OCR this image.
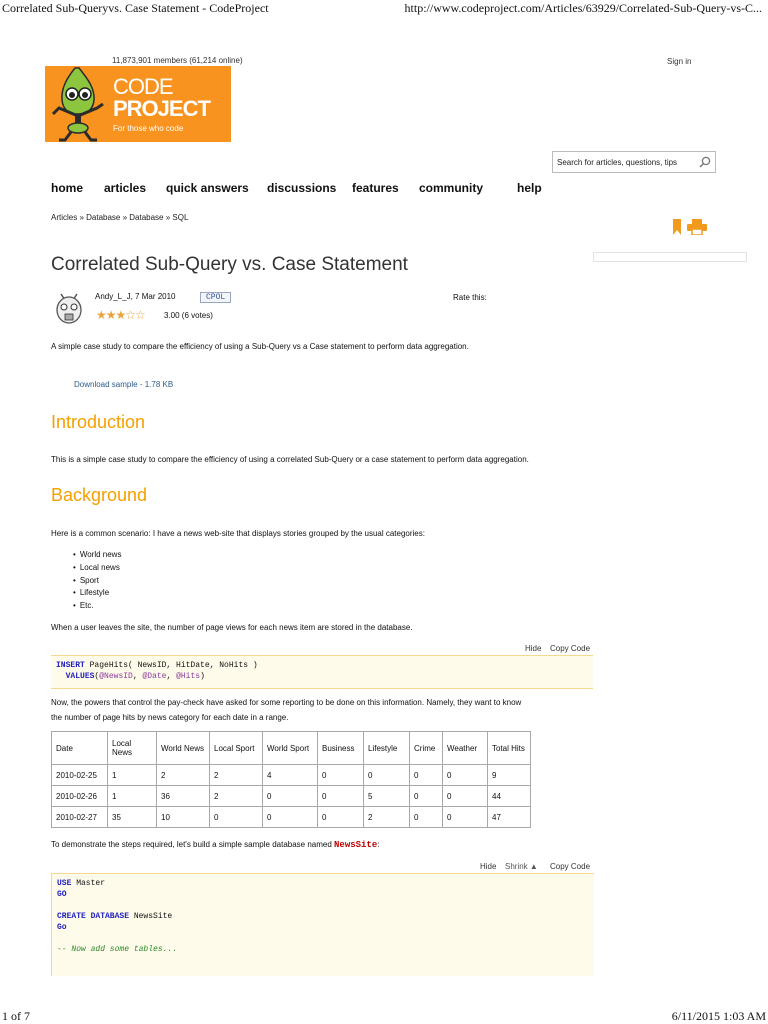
Correlated Sub-Queryvs. Case Statement - CodeProject	http://www.codeproject.com/Articles/63929/Correlated-Sub-Query-vs-C...
1 of 7	6/11/2015 1:03 AM
11,873,901 members (61,214 online)	Sign in
CODE
PROJECT
For those who code
Search for articles, questions, tips
home articles quick answers discussions features community	help
Articles » Database » Database » SQL
Correlated Sub-Query vs. Case Statement
Andy_L_J, 7 Mar 2010	CPOL	Rate this:
★★★☆☆ 3.00 (6 votes)
A simple case study to compare the efficiency of using a Sub-Query vs a Case statement to perform data aggregation.
Download sample - 1.78 KB
Introduction
This is a simple case study to compare the efficiency of using a correlated Sub-Query or a case statement to perform data aggregation.
Background
Here is a common scenario: I have a news web-site that displays stories grouped by the usual categories:
• World news
• Local news
• Sport
• Lifestyle
• Etc.
When a user leaves the site, the number of page views for each news item are stored in the database.
Hide Copy Code
INSERT PageHits( NewsID, HitDate, NoHits )
VALUES(@NewsID, @Date, @Hits)
Now, the powers that control the pay-check have asked for some reporting to be done on this information. Namely, they want to know
the number of page hits by news category for each date in a range.
Date	Local News	World News	Local Sport	World Sport	Business	Lifestyle	Crime	Weather	Total Hits
2010-02-25	1	2	2	4	0	0	0	0	9
2010-02-26	1	36	2	0	0	5	0	0	44
2010-02-27	35	10	0	0	0	2	0	0	47
To demonstrate the steps required, let's build a simple sample database named NewsSite:
Hide Shrink ▲ Copy Code
USE Master
GO

CREATE DATABASE NewsSite
Go

-- Now add some tables...
